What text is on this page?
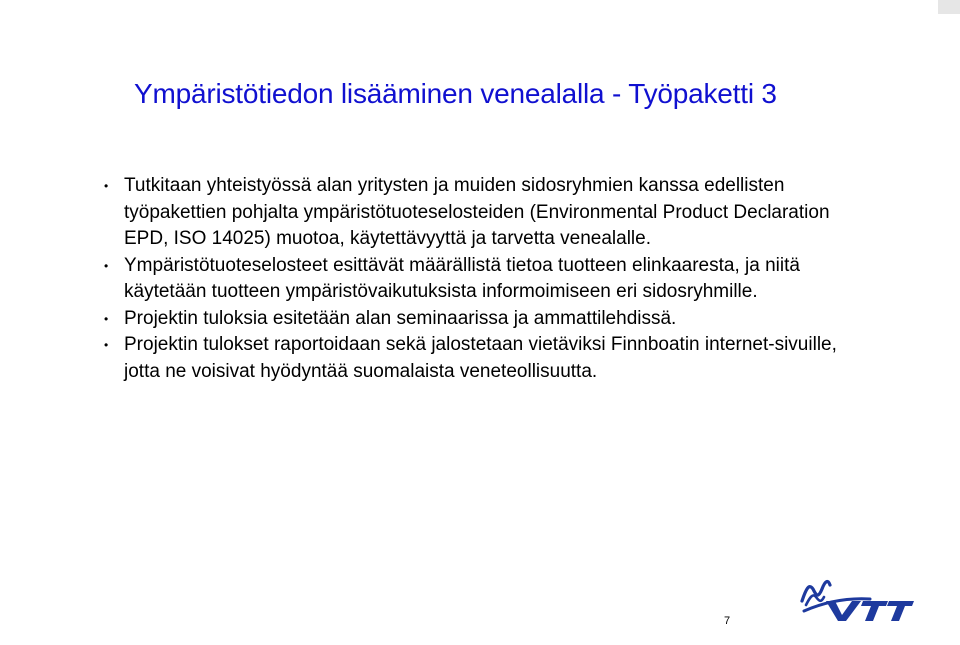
Ympäristötiedon lisääminen venealalla - Työpaketti 3
• Tutkitaan yhteistyössä alan yritysten ja muiden sidosryhmien kanssa edellisten työpakettien pohjalta ympäristötuoteselosteiden (Environmental Product Declaration EPD, ISO 14025) muotoa, käytettävyyttä ja tarvetta venealalle.
• Ympäristötuoteselosteet esittävät määrällistä tietoa tuotteen elinkaaresta, ja niitä käytetään tuotteen ympäristövaikutuksista informoimiseen eri sidosryhmille.
• Projektin tuloksia esitetään alan seminaarissa ja ammattilehdissä.
• Projektin tulokset raportoidaan sekä jalostetaan vietäviksi Finnboatin internet-sivuille, jotta ne voisivat hyödyntää suomalaista veneteollisuutta.
7
